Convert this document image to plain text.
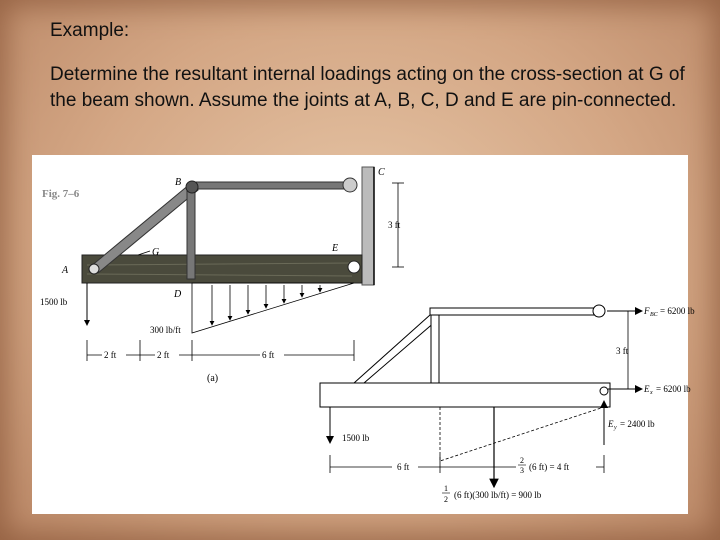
Example:
Determine the resultant internal loadings acting on the cross-section at G of the beam shown. Assume the joints at A, B, C, D and E are pin-connected.
Fig. 7–6
B
C
E
G
A
D
3 ft
1500 lb
300 lb/ft
2 ft	2 ft	6 ft
(a)
F BC = 6200 lb
3 ft
E x = 6200 lb
E y = 2400 lb
1500 lb
6 ft
2
3 (6 ft) = 4 ft
1
2 (6 ft)(300 lb/ft) = 900 lb
